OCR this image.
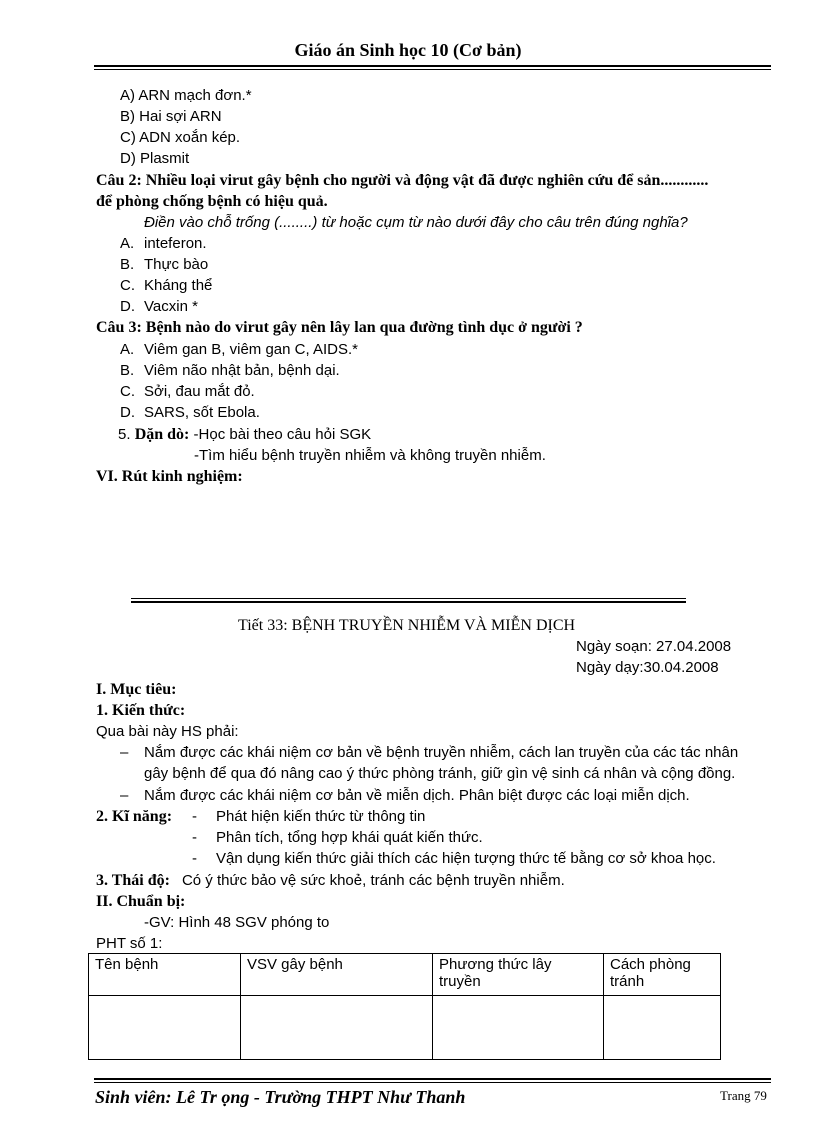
Giáo án Sinh học 10 (Cơ bản)
A) ARN mạch đơn.*
B) Hai sợi ARN
C) ADN xoắn kép.
D) Plasmit
Câu 2: Nhiều loại virut gây bệnh cho người và động vật đã được nghiên cứu để sản............
để phòng chống bệnh có hiệu quả.
Điền vào chỗ trống (........) từ hoặc cụm từ nào dưới đây cho câu trên đúng nghĩa?
A. inteferon.
B. Thực bào
C. Kháng thể
D. Vacxin *
Câu 3: Bệnh nào do virut gây nên lây lan qua đường tình dục ở người ?
A. Viêm gan B, viêm gan C, AIDS.*
B. Viêm não nhật bản, bệnh dại.
C. Sởi, đau mắt đỏ.
D. SARS, sốt Ebola.
5. Dặn dò: -Học bài theo câu hỏi SGK
-Tìm hiểu bệnh truyền nhiễm và không truyền nhiễm.
VI. Rút kinh nghiệm:
Tiết 33: BỆNH TRUYỀN NHIỄM VÀ MIỄN DỊCH
Ngày soạn: 27.04.2008
Ngày dạy:30.04.2008
I. Mục tiêu:
1. Kiến thức:
Qua bài này HS phải:
– Nắm được các khái niệm cơ bản về bệnh truyền nhiễm, cách lan truyền của các tác nhân
gây bệnh để qua đó nâng cao ý thức phòng tránh, giữ gìn vệ sinh cá nhân và cộng đồng.
– Nắm được các khái niệm cơ bản về miễn dịch. Phân biệt được các loại miễn dịch.
2. Kĩ năng: - Phát hiện kiến thức từ thông tin
- Phân tích, tổng hợp khái quát kiến thức.
- Vận dụng kiến thức giải thích các hiện tượng thức tế bằng cơ sở khoa học.
3. Thái độ: Có ý thức bảo vệ sức khoẻ, tránh các bệnh truyền nhiễm.
II. Chuẩn bị:
-GV: Hình 48 SGV phóng to
PHT số 1:
Tên bệnh	VSV gây bệnh	Phương thức lây truyền	Cách phòng tránh

Sinh viên: Lê Tr ọng - Trường THPT Như Thanh	Trang 79
